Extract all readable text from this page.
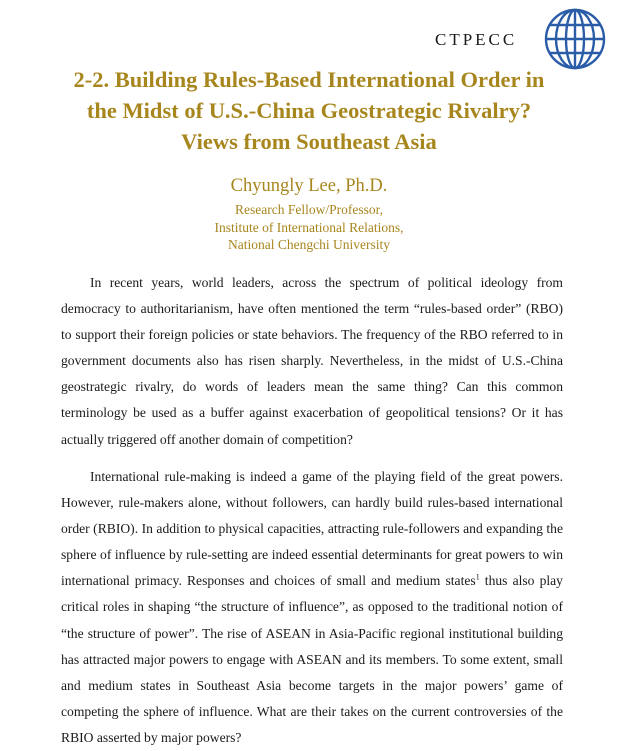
CTPECC
2-2. Building Rules-Based International Order in
the Midst of U.S.-China Geostrategic Rivalry?
Views from Southeast Asia
Chyungly Lee, Ph.D.
Research Fellow/Professor,
Institute of International Relations,
National Chengchi University

In recent years, world leaders, across the spectrum of political ideology from democracy to authoritarianism, have often mentioned the term “rules-based order” (RBO) to support their foreign policies or state behaviors. The frequency of the RBO referred to in government documents also has risen sharply. Nevertheless, in the midst of U.S.-China geostrategic rivalry, do words of leaders mean the same thing? Can this common terminology be used as a buffer against exacerbation of geopolitical tensions? Or it has actually triggered off another domain of competition?

International rule-making is indeed a game of the playing field of the great powers. However, rule-makers alone, without followers, can hardly build rules-based international order (RBIO). In addition to physical capacities, attracting rule-followers and expanding the sphere of influence by rule-setting are indeed essential determinants for great powers to win international primacy. Responses and choices of small and medium states$^1$ thus also play critical roles in shaping “the structure of influence”, as opposed to the traditional notion of “the structure of power”. The rise of ASEAN in Asia-Pacific regional institutional building has attracted major powers to engage with ASEAN and its members. To some extent, small and medium states in Southeast Asia become targets in the major powers’ game of competing the sphere of influence. What are their takes on the current controversies of the RBIO asserted by major powers?
